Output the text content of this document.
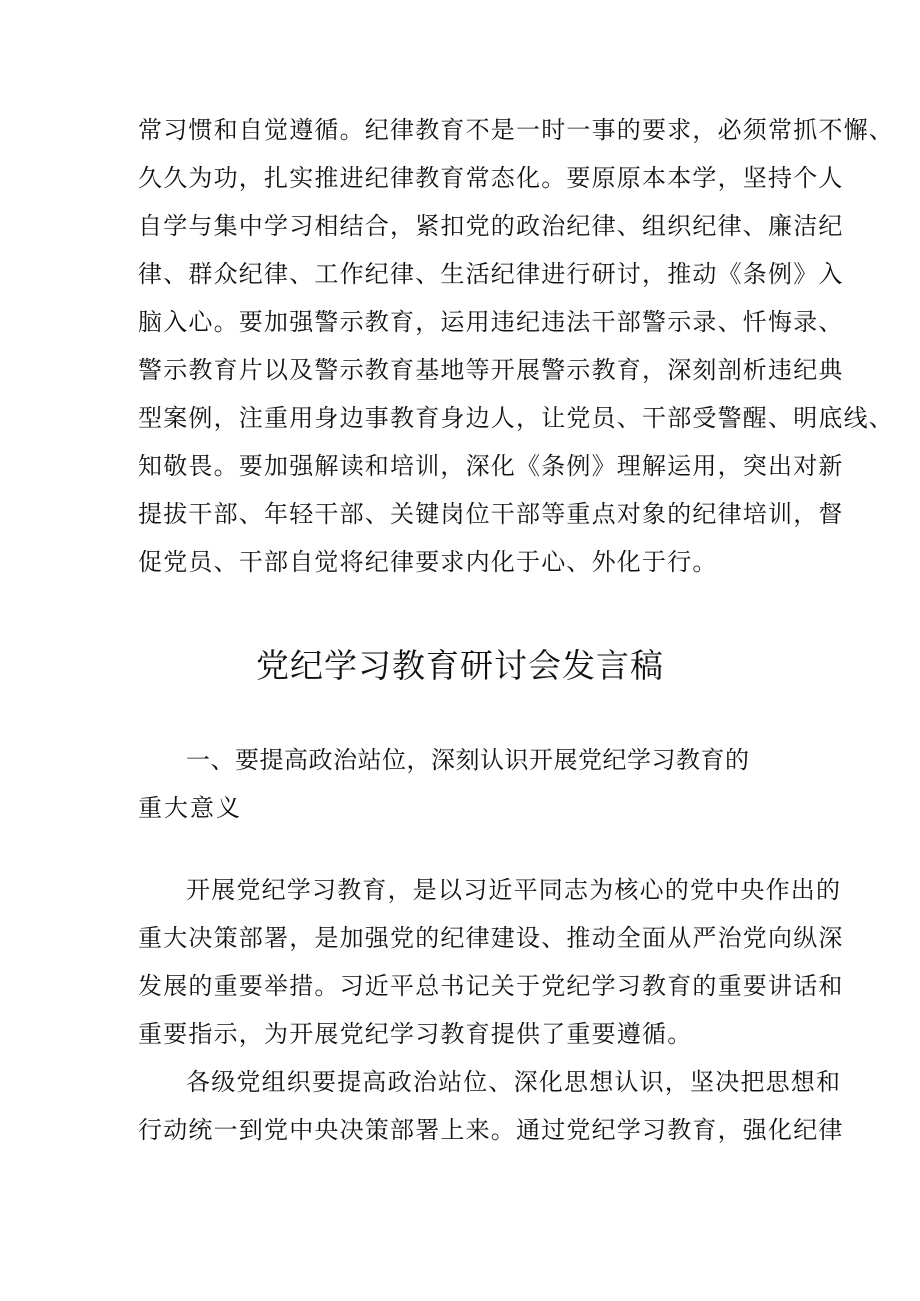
常习惯和自觉遵循。纪律教育不是一时一事的要求，必须常抓不懈、
久久为功，扎实推进纪律教育常态化。要原原本本学，坚持个人
自学与集中学习相结合，紧扣党的政治纪律、组织纪律、廉洁纪
律、群众纪律、工作纪律、生活纪律进行研讨，推动《条例》入
脑入心。要加强警示教育，运用违纪违法干部警示录、忏悔录、
警示教育片以及警示教育基地等开展警示教育，深刻剖析违纪典
型案例，注重用身边事教育身边人，让党员、干部受警醒、明底线、
知敬畏。要加强解读和培训，深化《条例》理解运用，突出对新
提拔干部、年轻干部、关键岗位干部等重点对象的纪律培训，督
促党员、干部自觉将纪律要求内化于心、外化于行。
党纪学习教育研讨会发言稿
一、要提高政治站位，深刻认识开展党纪学习教育的
重大意义
开展党纪学习教育，是以习近平同志为核心的党中央作出的
重大决策部署，是加强党的纪律建设、推动全面从严治党向纵深
发展的重要举措。习近平总书记关于党纪学习教育的重要讲话和
重要指示，为开展党纪学习教育提供了重要遵循。
各级党组织要提高政治站位、深化思想认识，坚决把思想和
行动统一到党中央决策部署上来。通过党纪学习教育，强化纪律
